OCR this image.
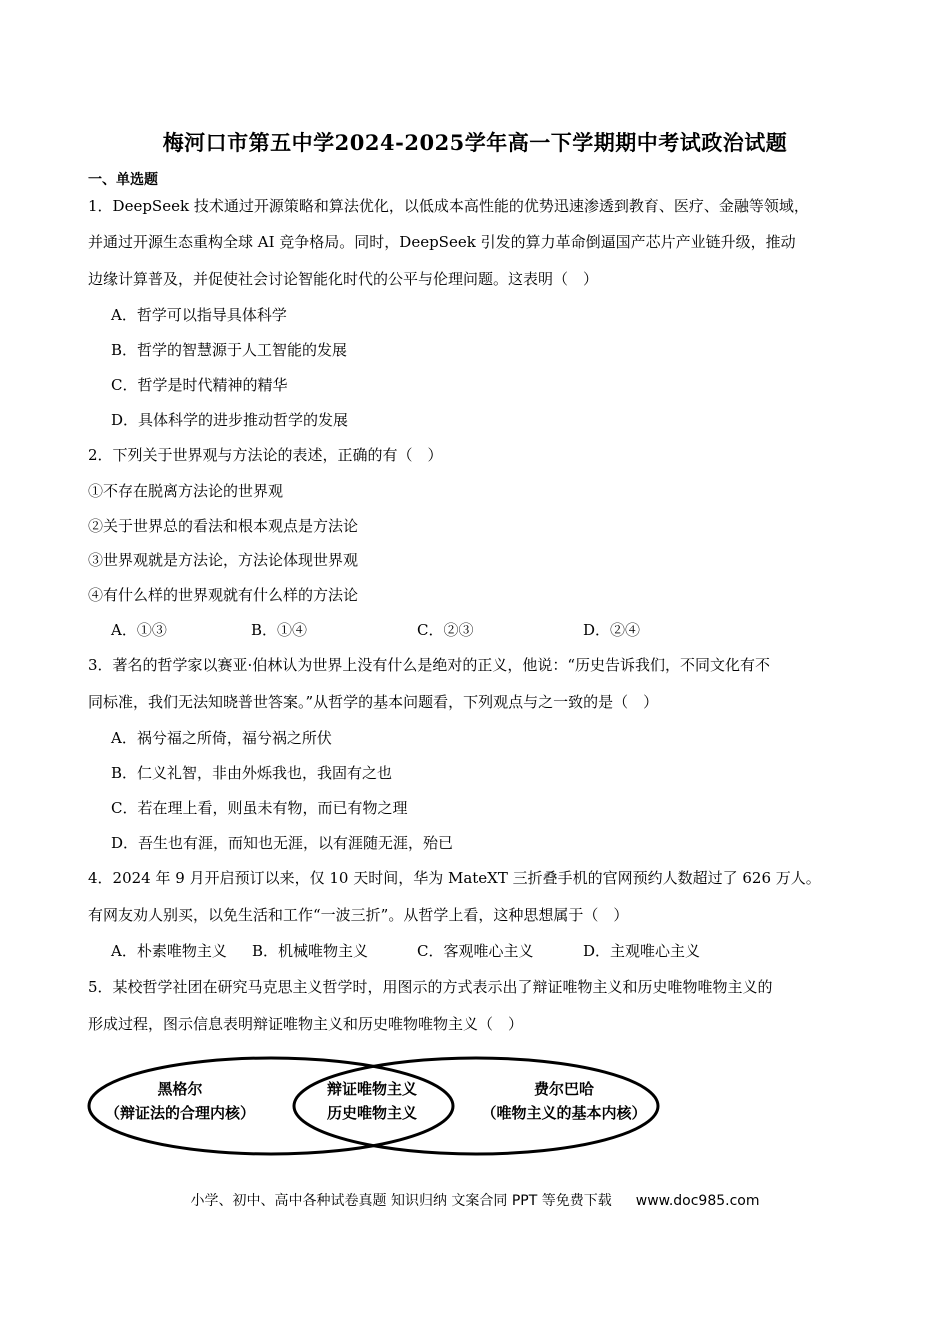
梅河口市第五中学2024-2025学年高一下学期期中考试政治试题
一、单选题
1．DeepSeek 技术通过开源策略和算法优化，以低成本高性能的优势迅速渗透到教育、医疗、金融等领域，
并通过开源生态重构全球 AI 竞争格局。同时，DeepSeek 引发的算力革命倒逼国产芯片产业链升级，推动
边缘计算普及，并促使社会讨论智能化时代的公平与伦理问题。这表明（　）
A．哲学可以指导具体科学
B．哲学的智慧源于人工智能的发展
C．哲学是时代精神的精华
D．具体科学的进步推动哲学的发展
2．下列关于世界观与方法论的表述，正确的有（　）
①不存在脱离方法论的世界观
②关于世界总的看法和根本观点是方法论
③世界观就是方法论，方法论体现世界观
④有什么样的世界观就有什么样的方法论
A．①③	B．①④	C．②③	D．②④
3．著名的哲学家以赛亚·伯林认为世界上没有什么是绝对的正义，他说：“历史告诉我们，不同文化有不
同标准，我们无法知晓普世答案。”从哲学的基本问题看，下列观点与之一致的是（　）
A．祸兮福之所倚，福兮祸之所伏
B．仁义礼智，非由外烁我也，我固有之也
C．若在理上看，则虽未有物，而已有物之理
D．吾生也有涯，而知也无涯，以有涯随无涯，殆已
4．2024 年 9 月开启预订以来，仅 10 天时间，华为 MateXT 三折叠手机的官网预约人数超过了 626 万人。
有网友劝人别买，以免生活和工作“一波三折”。从哲学上看，这种思想属于（　）
A．朴素唯物主义 B．机械唯物主义	C．客观唯心主义	D．主观唯心主义
5．某校哲学社团在研究马克思主义哲学时，用图示的方式表示出了辩证唯物主义和历史唯物唯物主义的
形成过程，图示信息表明辩证唯物主义和历史唯物唯物主义（　）
黑格尔
（辩证法的合理内核）
辩证唯物主义
历史唯物主义
费尔巴哈
（唯物主义的基本内核）
小学、初中、高中各种试卷真题 知识归纳 文案合同 PPT 等免费下载 www.doc985.com
